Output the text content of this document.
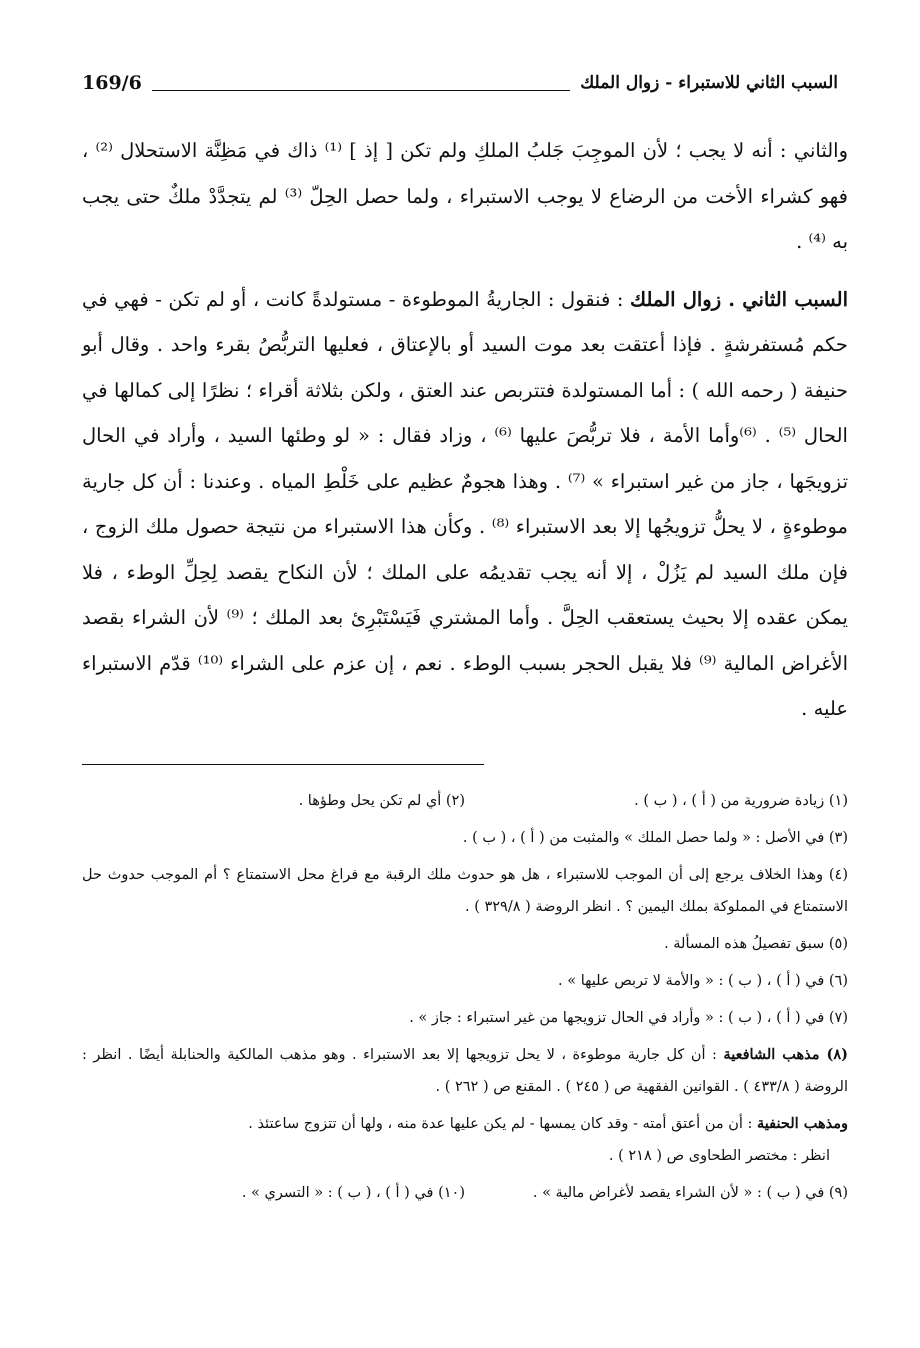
السبب الثاني للاستبراء - زوال الملك
169/6

والثاني : أنه لا يجب ؛ لأن الموجِبَ جَلبُ الملكِ ولم تكن [ إذ ] ⁽¹⁾ ذاك في مَظِنَّة الاستحلال ⁽²⁾ ، فهو كشراء الأخت من الرضاع لا يوجب الاستبراء ، ولما حصل الحِلّ ⁽³⁾ لم يتجدَّدْ ملكٌ حتى يجب به ⁽⁴⁾ .

السبب الثاني . زوال الملك : فنقول : الجاريةُ الموطوءة - مستولدةً كانت ، أو لم تكن - فهي في حكم مُستفرشةٍ . فإذا أعتقت بعد موت السيد أو بالإعتاق ، فعليها التربُّصُ بقرء واحد . وقال أبو حنيفة ( رحمه الله ) : أما المستولدة فتتربص عند العتق ، ولكن بثلاثة أقراء ؛ نظرًا إلى كمالها في الحال ⁽⁵⁾ . ⁽⁶⁾وأما الأمة ، فلا تربُّصَ عليها ⁽⁶⁾ ، وزاد فقال : « لو وطئها السيد ، وأراد في الحال تزويجَها ، جاز من غير استبراء » ⁽⁷⁾ . وهذا هجومٌ عظيم على خَلْطِ المياه . وعندنا : أن كل جارية موطوءةٍ ، لا يحلُّ تزويجُها إلا بعد الاستبراء ⁽⁸⁾ . وكأن هذا الاستبراء من نتيجة حصول ملك الزوج ، فإن ملك السيد لم يَزُلْ ، إلا أنه يجب تقديمُه على الملك ؛ لأن النكاح يقصد لِحِلِّ الوطء ، فلا يمكن عقده إلا بحيث يستعقب الحِلَّ . وأما المشتري فَيَسْتَبْرِئ بعد الملك ؛ ⁽⁹⁾ لأن الشراء بقصد الأغراض المالية ⁽⁹⁾ فلا يقبل الحجر بسبب الوطء . نعم ، إن عزم على الشراء ⁽¹⁰⁾ قدّم الاستبراء عليه .

(١) زيادة ضرورية من ( أ ) ، ( ب ) .
(٢) أي لم تكن يحل وطؤها .

(٣) في الأصل : « ولما حصل الملك » والمثبت من ( أ ) ، ( ب ) .

(٤) وهذا الخلاف يرجع إلى أن الموجب للاستبراء ، هل هو حدوث ملك الرقبة مع فراغ محل الاستمتاع ؟ أم الموجب حدوث حل الاستمتاع في المملوكة بملك اليمين ؟ . انظر الروضة ( ٣٢٩/٨ ) .

(٥) سبق تفصيلُ هذه المسألة .

(٦) في ( أ ) ، ( ب ) : « والأمة لا تربص عليها » .

(٧) في ( أ ) ، ( ب ) : « وأراد في الحال تزويجها من غير استبراء : جاز » .

(٨) مذهب الشافعية : أن كل جارية موطوءة ، لا يحل تزويجها إلا بعد الاستبراء . وهو مذهب المالكية والحنابلة أيضًا . انظر : الروضة ( ٤٣٣/٨ ) . القوانين الفقهية ص ( ٢٤٥ ) . المقنع ص ( ٢٦٢ ) .

ومذهب الحنفية : أن من أعتق أمته - وقد كان يمسها - لم يكن عليها عدة منه ، ولها أن تتزوج ساعتئذ .

انظر : مختصر الطحاوى ص ( ٢١٨ ) .

(٩) في ( ب ) : « لأن الشراء يقصد لأغراض مالية » .
(١٠) في ( أ ) ، ( ب ) : « التسري » .
